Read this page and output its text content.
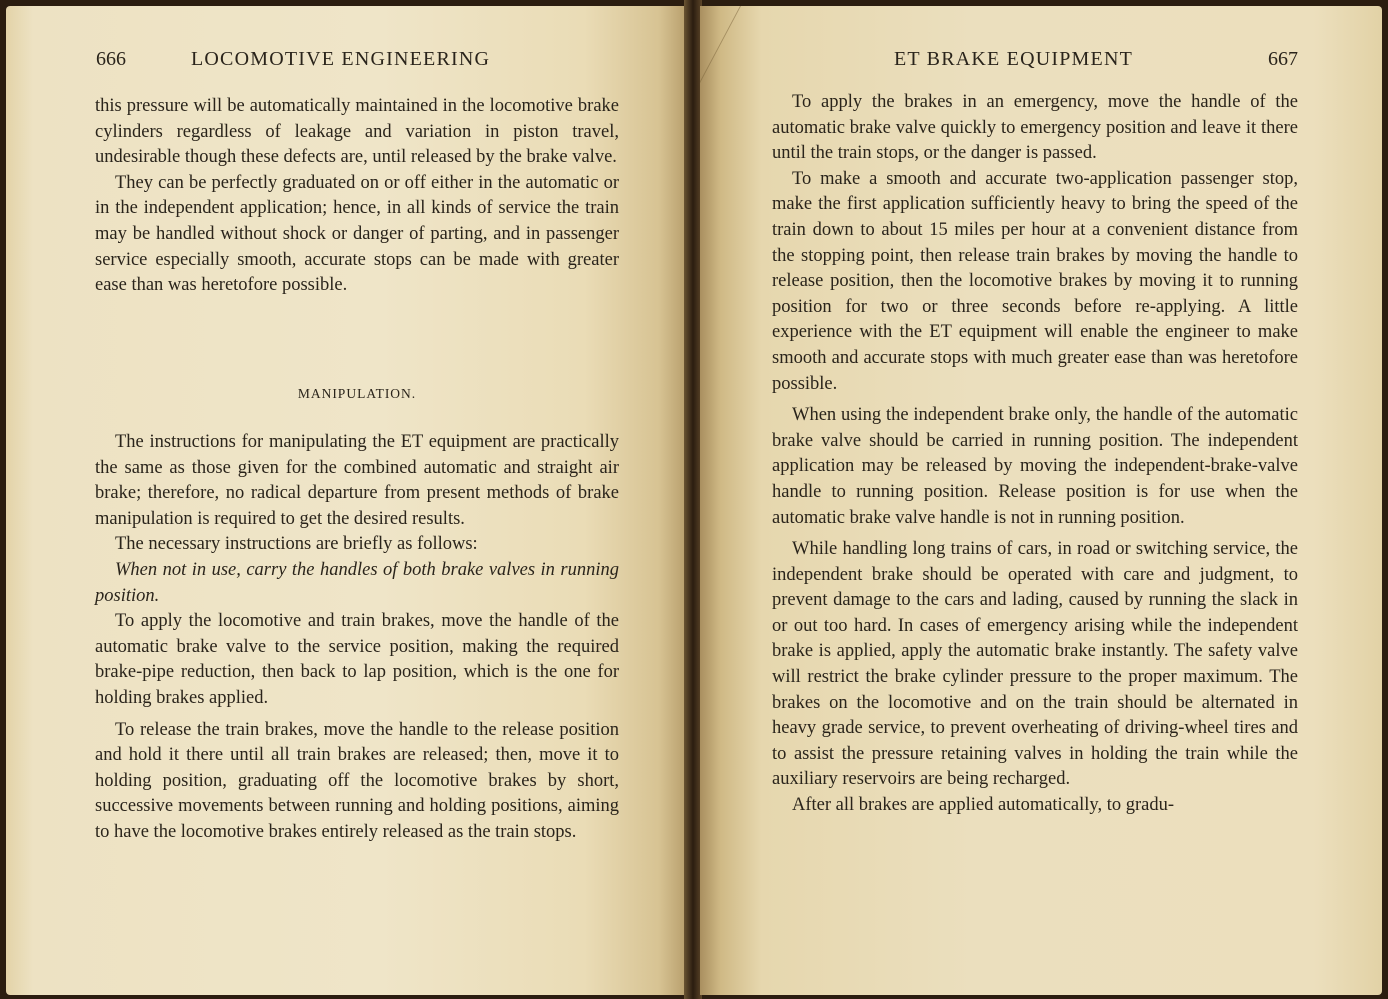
666	LOCOMOTIVE ENGINEERING

this pressure will be automatically maintained in the locomotive brake cylinders regardless of leakage and variation in piston travel, undesirable though these defects are, until released by the brake valve.

They can be perfectly graduated on or off either in the automatic or in the independent application; hence, in all kinds of service the train may be handled without shock or danger of parting, and in passenger service especially smooth, accurate stops can be made with greater ease than was heretofore possible.

MANIPULATION.

The instructions for manipulating the ET equipment are practically the same as those given for the combined automatic and straight air brake; therefore, no radical departure from present methods of brake manipulation is required to get the desired results.

The necessary instructions are briefly as follows:

When not in use, carry the handles of both brake valves in running position.

To apply the locomotive and train brakes, move the handle of the automatic brake valve to the service position, making the required brake-pipe reduction, then back to lap position, which is the one for holding brakes applied.

To release the train brakes, move the handle to the release position and hold it there until all train brakes are released; then, move it to holding position, graduating off the locomotive brakes by short, successive movements between running and holding positions, aiming to have the locomotive brakes entirely released as the train stops.

ET BRAKE EQUIPMENT	667

To apply the brakes in an emergency, move the handle of the automatic brake valve quickly to emergency position and leave it there until the train stops, or the danger is passed.

To make a smooth and accurate two-application passenger stop, make the first application sufficiently heavy to bring the speed of the train down to about 15 miles per hour at a convenient distance from the stopping point, then release train brakes by moving the handle to release position, then the locomotive brakes by moving it to running position for two or three seconds before re-applying. A little experience with the ET equipment will enable the engineer to make smooth and accurate stops with much greater ease than was heretofore possible.

When using the independent brake only, the handle of the automatic brake valve should be carried in running position. The independent application may be released by moving the independent-brake-valve handle to running position. Release position is for use when the automatic brake valve handle is not in running position.

While handling long trains of cars, in road or switching service, the independent brake should be operated with care and judgment, to prevent damage to the cars and lading, caused by running the slack in or out too hard. In cases of emergency arising while the independent brake is applied, apply the automatic brake instantly. The safety valve will restrict the brake cylinder pressure to the proper maximum. The brakes on the locomotive and on the train should be alternated in heavy grade service, to prevent overheating of driving-wheel tires and to assist the pressure retaining valves in holding the train while the auxiliary reservoirs are being recharged.

After all brakes are applied automatically, to gradu-
